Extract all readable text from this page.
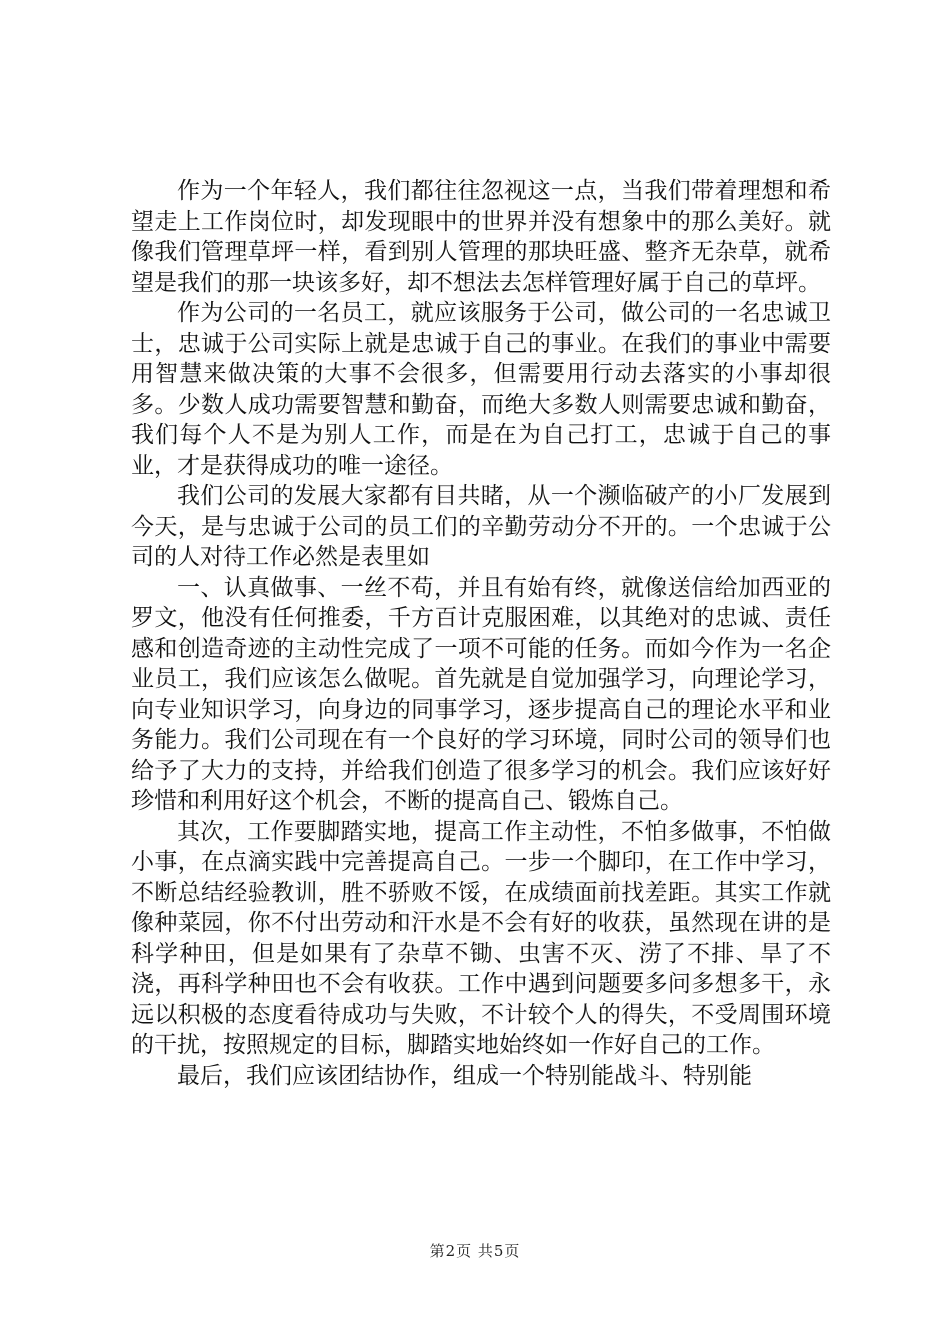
作为一个年轻人，我们都往往忽视这一点，当我们带着理想和希望走上工作岗位时，却发现眼中的世界并没有想象中的那么美好。就像我们管理草坪一样，看到别人管理的那块旺盛、整齐无杂草，就希望是我们的那一块该多好，却不想法去怎样管理好属于自己的草坪。

作为公司的一名员工，就应该服务于公司，做公司的一名忠诚卫士，忠诚于公司实际上就是忠诚于自己的事业。在我们的事业中需要用智慧来做决策的大事不会很多，但需要用行动去落实的小事却很多。少数人成功需要智慧和勤奋，而绝大多数人则需要忠诚和勤奋，我们每个人不是为别人工作，而是在为自己打工，忠诚于自己的事业，才是获得成功的唯一途径。

我们公司的发展大家都有目共睹，从一个濒临破产的小厂发展到今天，是与忠诚于公司的员工们的辛勤劳动分不开的。一个忠诚于公司的人对待工作必然是表里如

一、认真做事、一丝不苟，并且有始有终，就像送信给加西亚的罗文，他没有任何推委，千方百计克服困难，以其绝对的忠诚、责任感和创造奇迹的主动性完成了一项不可能的任务。而如今作为一名企业员工，我们应该怎么做呢。首先就是自觉加强学习，向理论学习，向专业知识学习，向身边的同事学习，逐步提高自己的理论水平和业务能力。我们公司现在有一个良好的学习环境，同时公司的领导们也给予了大力的支持，并给我们创造了很多学习的机会。我们应该好好珍惜和利用好这个机会，不断的提高自己、锻炼自己。

其次，工作要脚踏实地，提高工作主动性，不怕多做事，不怕做小事，在点滴实践中完善提高自己。一步一个脚印，在工作中学习，不断总结经验教训，胜不骄败不馁，在成绩面前找差距。其实工作就像种菜园，你不付出劳动和汗水是不会有好的收获，虽然现在讲的是科学种田，但是如果有了杂草不锄、虫害不灭、涝了不排、旱了不浇，再科学种田也不会有收获。工作中遇到问题要多问多想多干，永远以积极的态度看待成功与失败，不计较个人的得失，不受周围环境的干扰，按照规定的目标，脚踏实地始终如一作好自己的工作。

最后，我们应该团结协作，组成一个特别能战斗、特别能

第2页 共5页
